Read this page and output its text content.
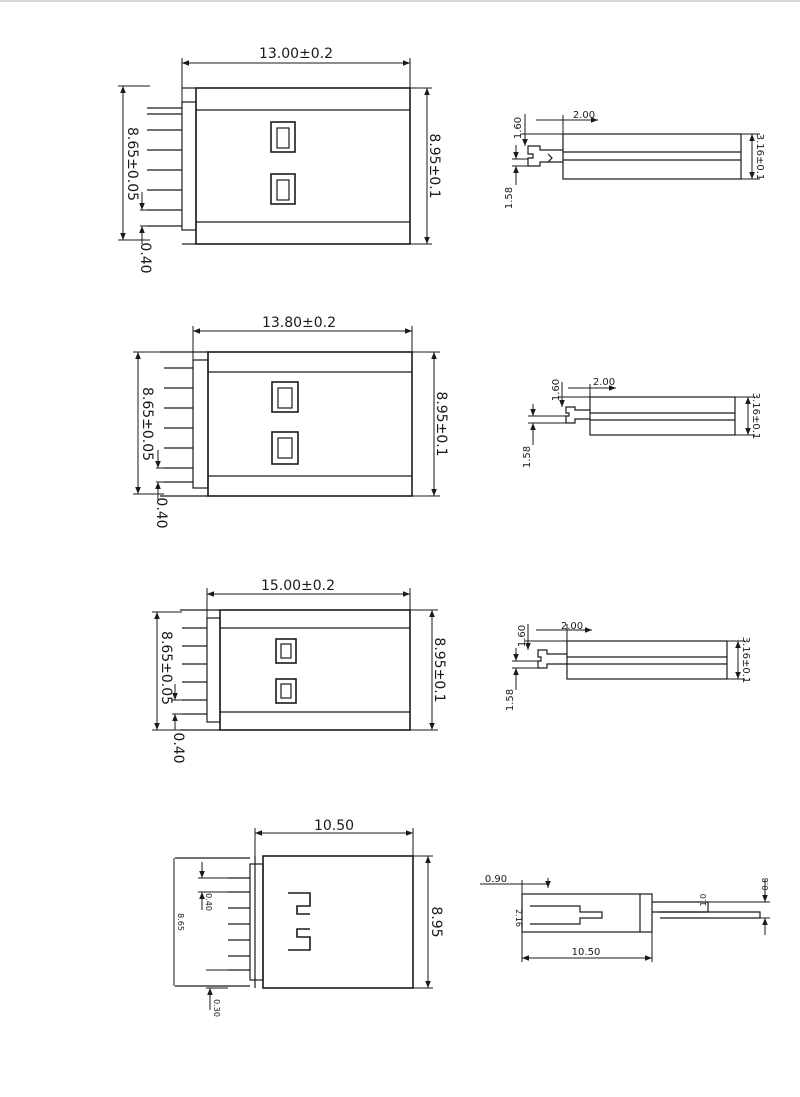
13.00±0.2
8.95±0.1
8.65±0.05
0.40
2.00
1.60
1.58
3.16±0.1
13.80±0.2
8.95±0.1
8.65±0.05
0.40
2.00
1.60
1.58
3.16±0.1
15.00±0.2
8.95±0.1
8.65±0.05
0.40
2.00
1.60
1.58
3.16±0.1
10.50
8.95
8.65
0.40
0.30
0.90
10.50
2.16
0.8
1.0
